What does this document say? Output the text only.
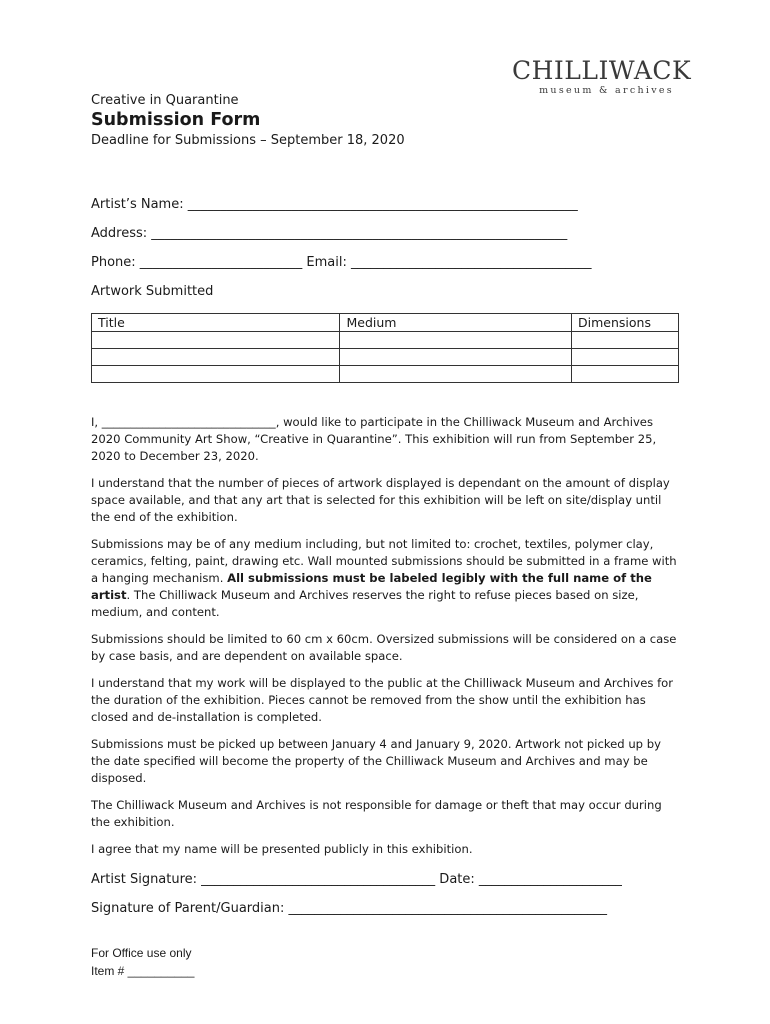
CHILLIWACK
museum & archives
Creative in Quarantine
Submission Form
Deadline for Submissions – September 18, 2020
Artist’s Name: ____________________________________________________________
Address: ________________________________________________________________
Phone: _________________________ Email: _____________________________________
Artwork Submitted
Title	Medium	Dimensions

I, ______________________________, would like to participate in the Chilliwack Museum and Archives 2020 Community Art Show, “Creative in Quarantine”. This exhibition will run from September 25, 2020 to December 23, 2020.

I understand that the number of pieces of artwork displayed is dependant on the amount of display space available, and that any art that is selected for this exhibition will be left on site/display until the end of the exhibition.

Submissions may be of any medium including, but not limited to: crochet, textiles, polymer clay, ceramics, felting, paint, drawing etc. Wall mounted submissions should be submitted in a frame with a hanging mechanism. All submissions must be labeled legibly with the full name of the artist. The Chilliwack Museum and Archives reserves the right to refuse pieces based on size, medium, and content.

Submissions should be limited to 60 cm x 60cm. Oversized submissions will be considered on a case by case basis, and are dependent on available space.

I understand that my work will be displayed to the public at the Chilliwack Museum and Archives for the duration of the exhibition. Pieces cannot be removed from the show until the exhibition has closed and de-installation is completed.

Submissions must be picked up between January 4 and January 9, 2020. Artwork not picked up by the date specified will become the property of the Chilliwack Museum and Archives and may be disposed.

The Chilliwack Museum and Archives is not responsible for damage or theft that may occur during the exhibition.

I agree that my name will be presented publicly in this exhibition.

Artist Signature: ____________________________________ Date: ______________________
Signature of Parent/Guardian: _________________________________________________
For Office use only
Item # __________
